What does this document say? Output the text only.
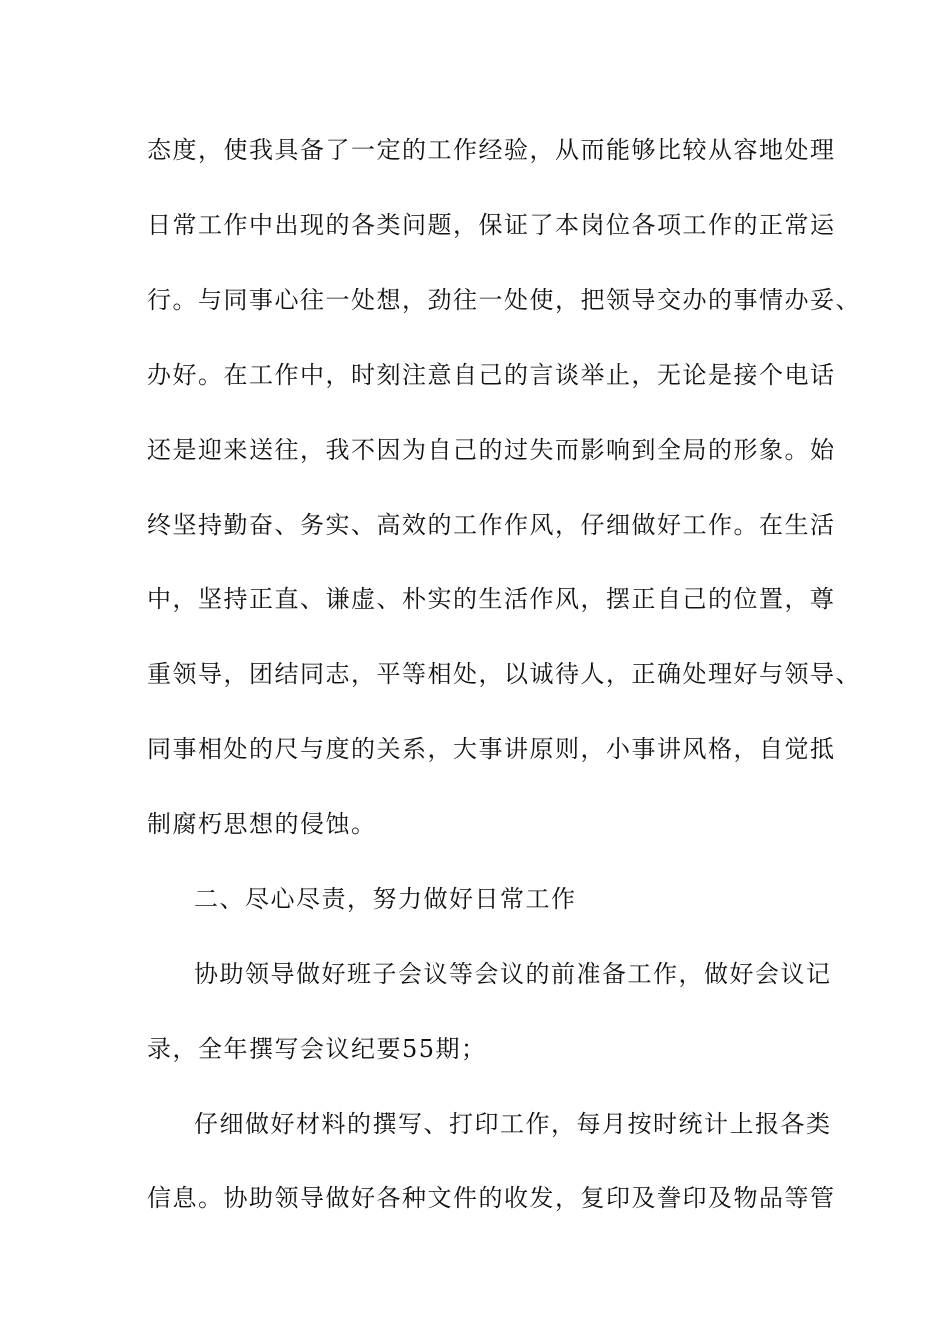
态度，使我具备了一定的工作经验，从而能够比较从容地处理
日常工作中出现的各类问题，保证了本岗位各项工作的正常运
行。与同事心往一处想，劲往一处使，把领导交办的事情办妥、
办好。在工作中，时刻注意自己的言谈举止，无论是接个电话
还是迎来送往，我不因为自己的过失而影响到全局的形象。始
终坚持勤奋、务实、高效的工作作风，仔细做好工作。在生活
中，坚持正直、谦虚、朴实的生活作风，摆正自己的位置，尊
重领导，团结同志，平等相处，以诚待人，正确处理好与领导、
同事相处的尺与度的关系，大事讲原则，小事讲风格，自觉抵
制腐朽思想的侵蚀。
二、尽心尽责，努力做好日常工作
协助领导做好班子会议等会议的前准备工作，做好会议记
录，全年撰写会议纪要55期；
仔细做好材料的撰写、打印工作，每月按时统计上报各类
信息。协助领导做好各种文件的收发，复印及誊印及物品等管
